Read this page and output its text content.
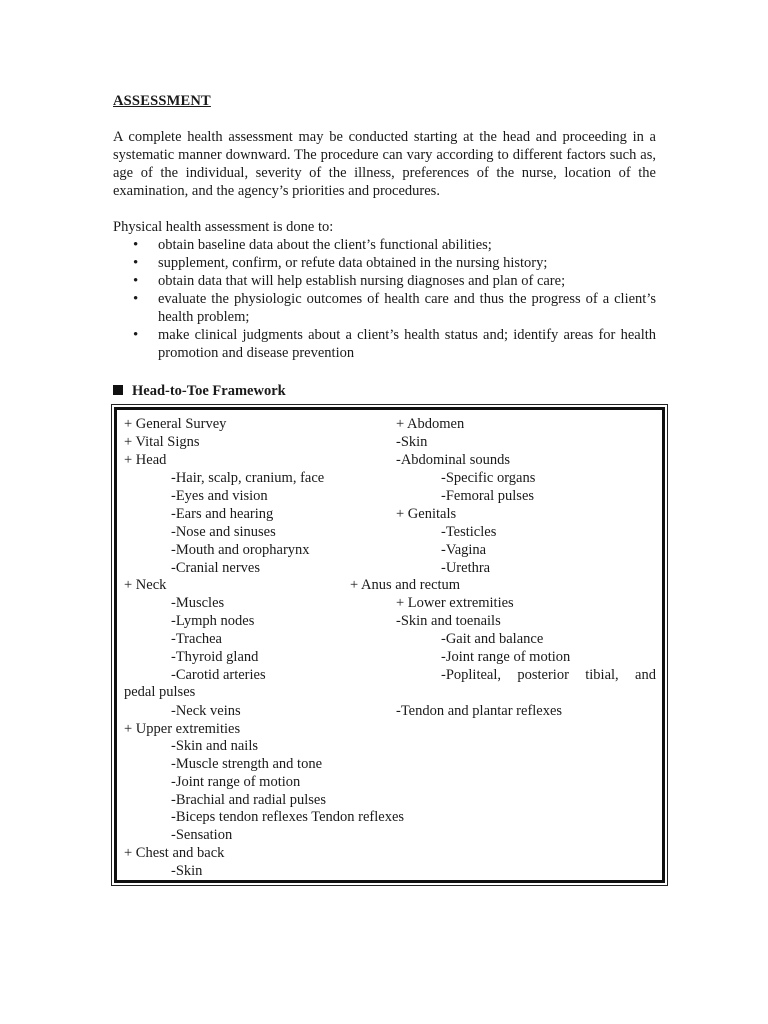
ASSESSMENT

A complete health assessment may be conducted starting at the head and proceeding in a systematic manner downward. The procedure can vary according to different factors such as, age of the individual, severity of the illness, preferences of the nurse, location of the examination, and the agency’s priorities and procedures.

Physical health assessment is done to:
• obtain baseline data about the client’s functional abilities;
• supplement, confirm, or refute data obtained in the nursing history;
• obtain data that will help establish nursing diagnoses and plan of care;
• evaluate the physiologic outcomes of health care and thus the progress of a client’s health problem;
• make clinical judgments about a client’s health status and; identify areas for health promotion and disease prevention
Head-to-Toe Framework
+ General Survey
+ Vital Signs
+ Head
-Hair, scalp, cranium, face
-Eyes and vision
-Ears and hearing
-Nose and sinuses
-Mouth and oropharynx
-Cranial nerves
+ Neck
-Muscles
-Lymph nodes
-Trachea
-Thyroid gland
-Carotid arteries
pedal pulses
-Neck veins
+ Upper extremities
-Skin and nails
-Muscle strength and tone
-Joint range of motion
-Brachial and radial pulses
-Biceps tendon reflexes Tendon reflexes
-Sensation
+ Chest and back
-Skin
+ Abdomen
-Skin
-Abdominal sounds
-Specific organs
-Femoral pulses
+ Genitals
-Testicles
-Vagina
-Urethra
+ Anus and rectum
+ Lower extremities
-Skin and toenails
-Gait and balance
-Joint range of motion
-Popliteal, posterior tibial, and
-Tendon and plantar reflexes
